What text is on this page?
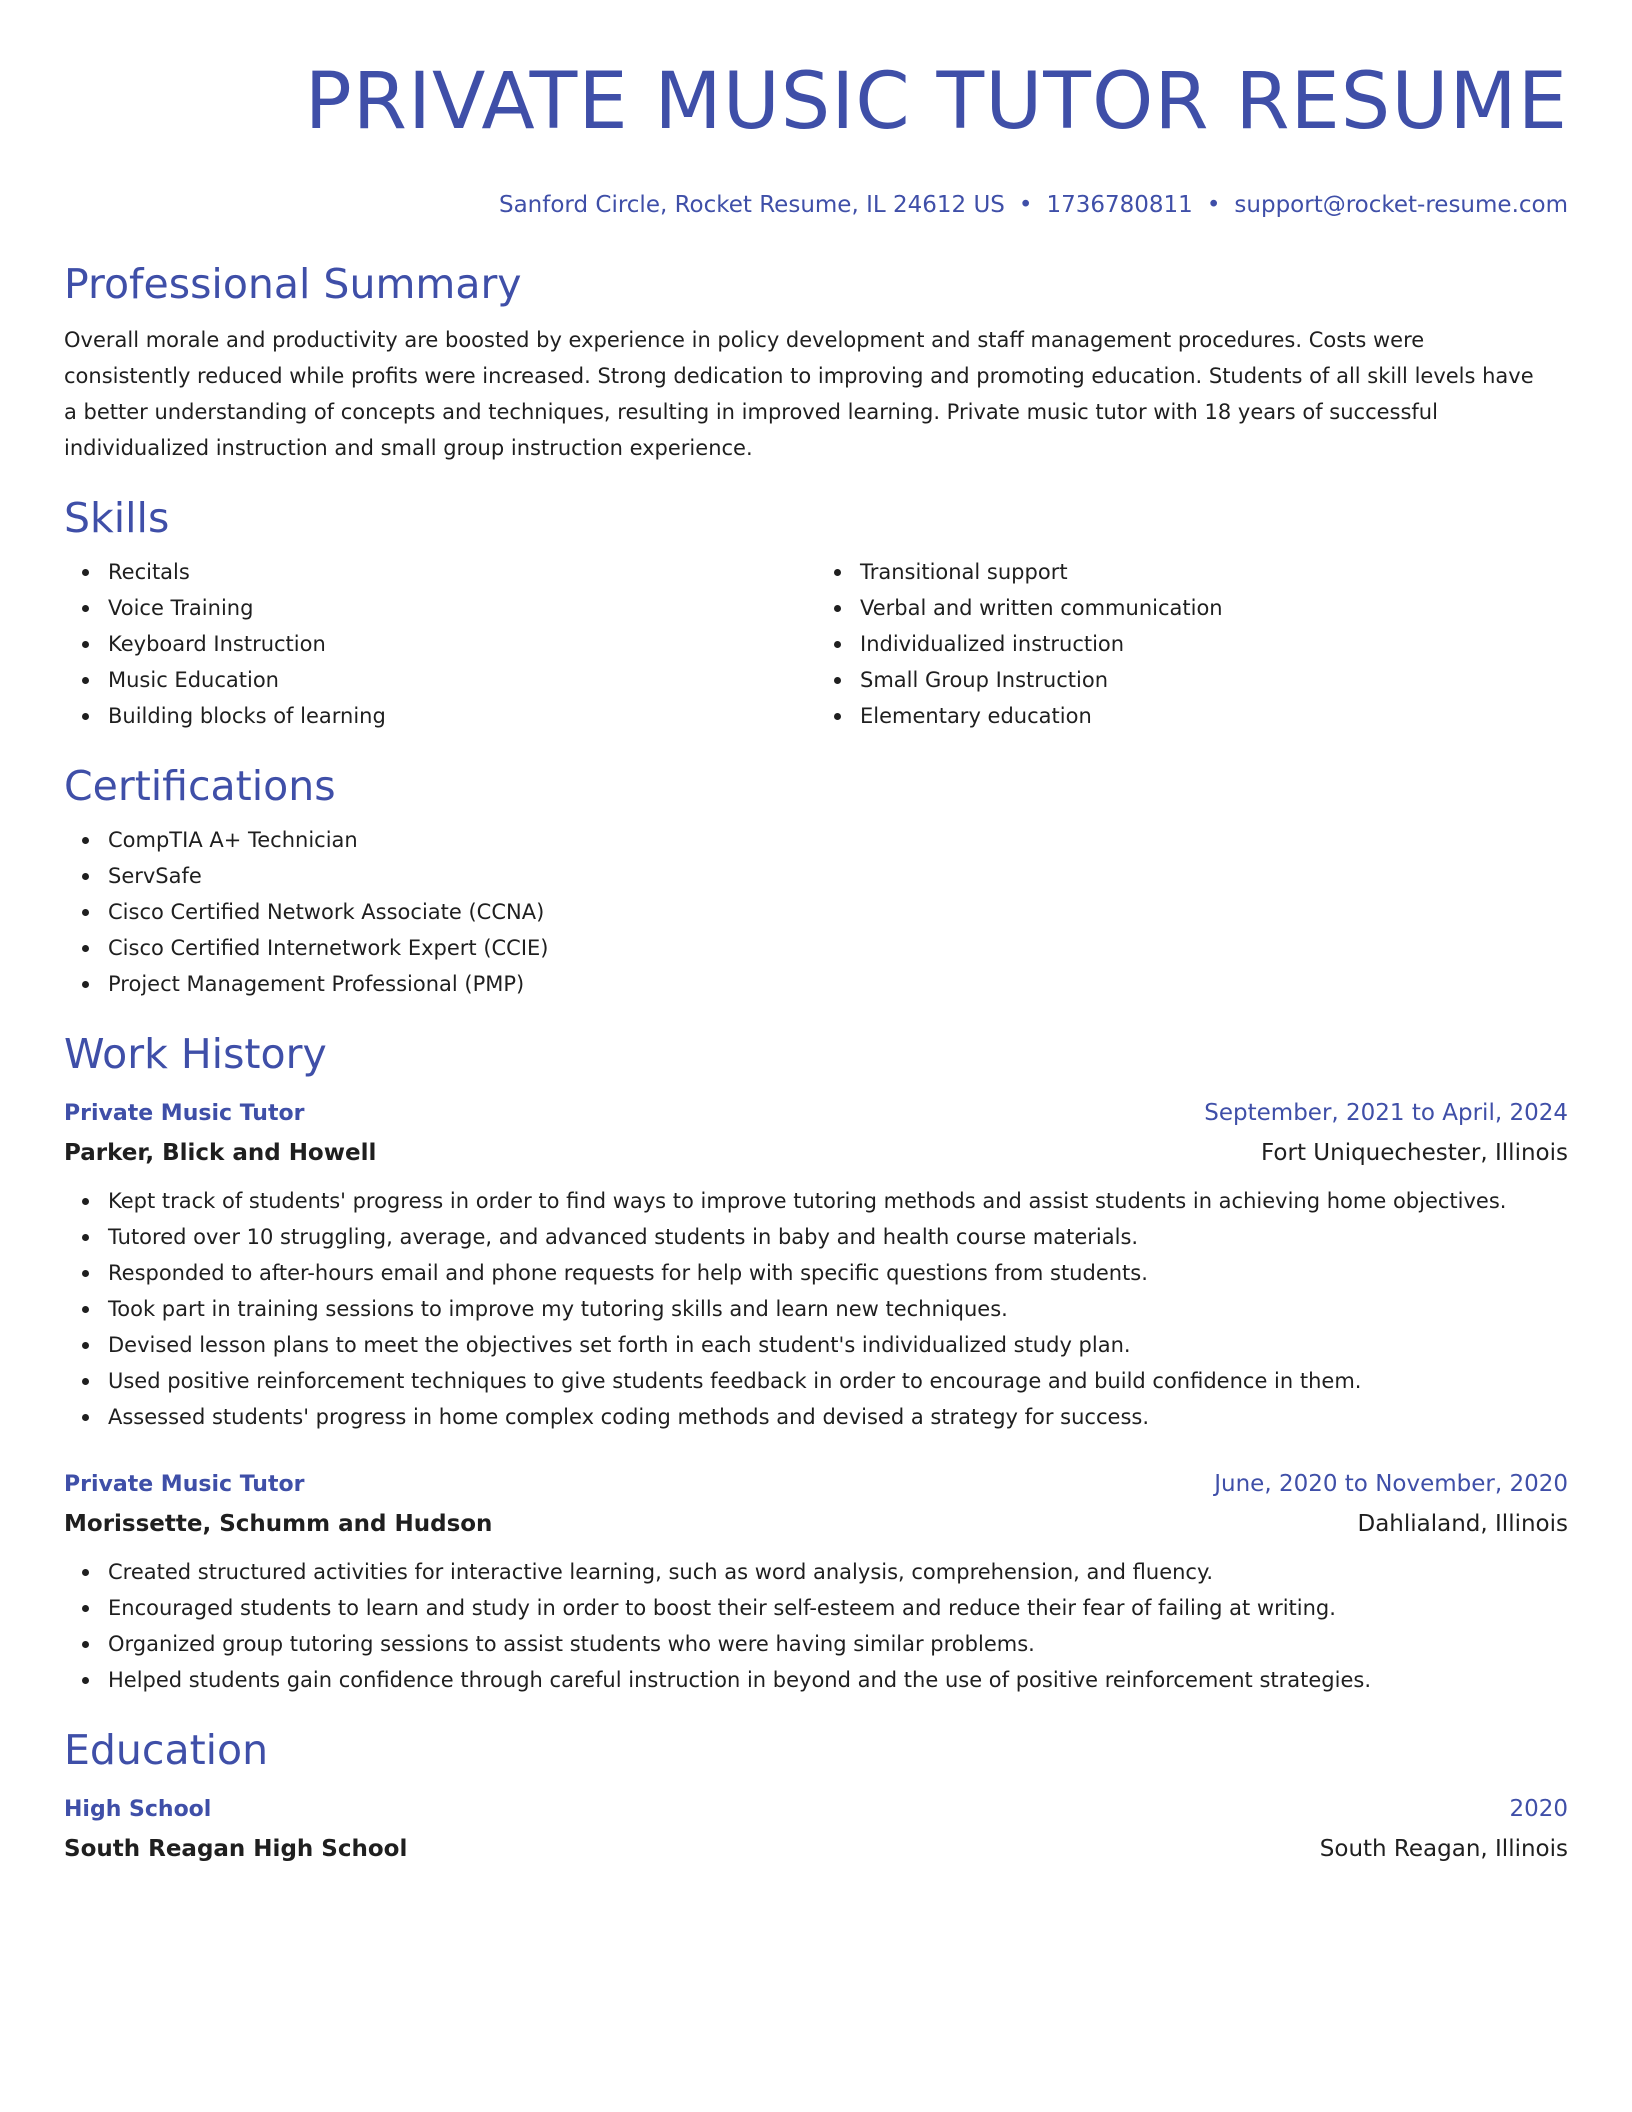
PRIVATE MUSIC TUTOR RESUME
Sanford Circle, Rocket Resume, IL 24612 US • 1736780811 • support@rocket-resume.com
Professional Summary

Overall morale and productivity are boosted by experience in policy development and staff management procedures. Costs were consistently reduced while profits were increased. Strong dedication to improving and promoting education. Students of all skill levels have a better understanding of concepts and techniques, resulting in improved learning. Private music tutor with 18 years of successful individualized instruction and small group instruction experience.

Skills
Recitals
Voice Training
Keyboard Instruction
Music Education
Building blocks of learning
Transitional support
Verbal and written communication
Individualized instruction
Small Group Instruction
Elementary education
Certifications
CompTIA A+ Technician
ServSafe
Cisco Certified Network Associate (CCNA)
Cisco Certified Internetwork Expert (CCIE)
Project Management Professional (PMP)
Work History
Private Music Tutor	September, 2021 to April, 2024
Parker, Blick and Howell	Fort Uniquechester, Illinois
Kept track of students' progress in order to find ways to improve tutoring methods and assist students in achieving home objectives.
Tutored over 10 struggling, average, and advanced students in baby and health course materials.
Responded to after-hours email and phone requests for help with specific questions from students.
Took part in training sessions to improve my tutoring skills and learn new techniques.
Devised lesson plans to meet the objectives set forth in each student's individualized study plan.
Used positive reinforcement techniques to give students feedback in order to encourage and build confidence in them.
Assessed students' progress in home complex coding methods and devised a strategy for success.
Private Music Tutor	June, 2020 to November, 2020
Morissette, Schumm and Hudson	Dahlialand, Illinois
Created structured activities for interactive learning, such as word analysis, comprehension, and fluency.
Encouraged students to learn and study in order to boost their self-esteem and reduce their fear of failing at writing.
Organized group tutoring sessions to assist students who were having similar problems.
Helped students gain confidence through careful instruction in beyond and the use of positive reinforcement strategies.
Education
High School	2020
South Reagan High School	South Reagan, Illinois
